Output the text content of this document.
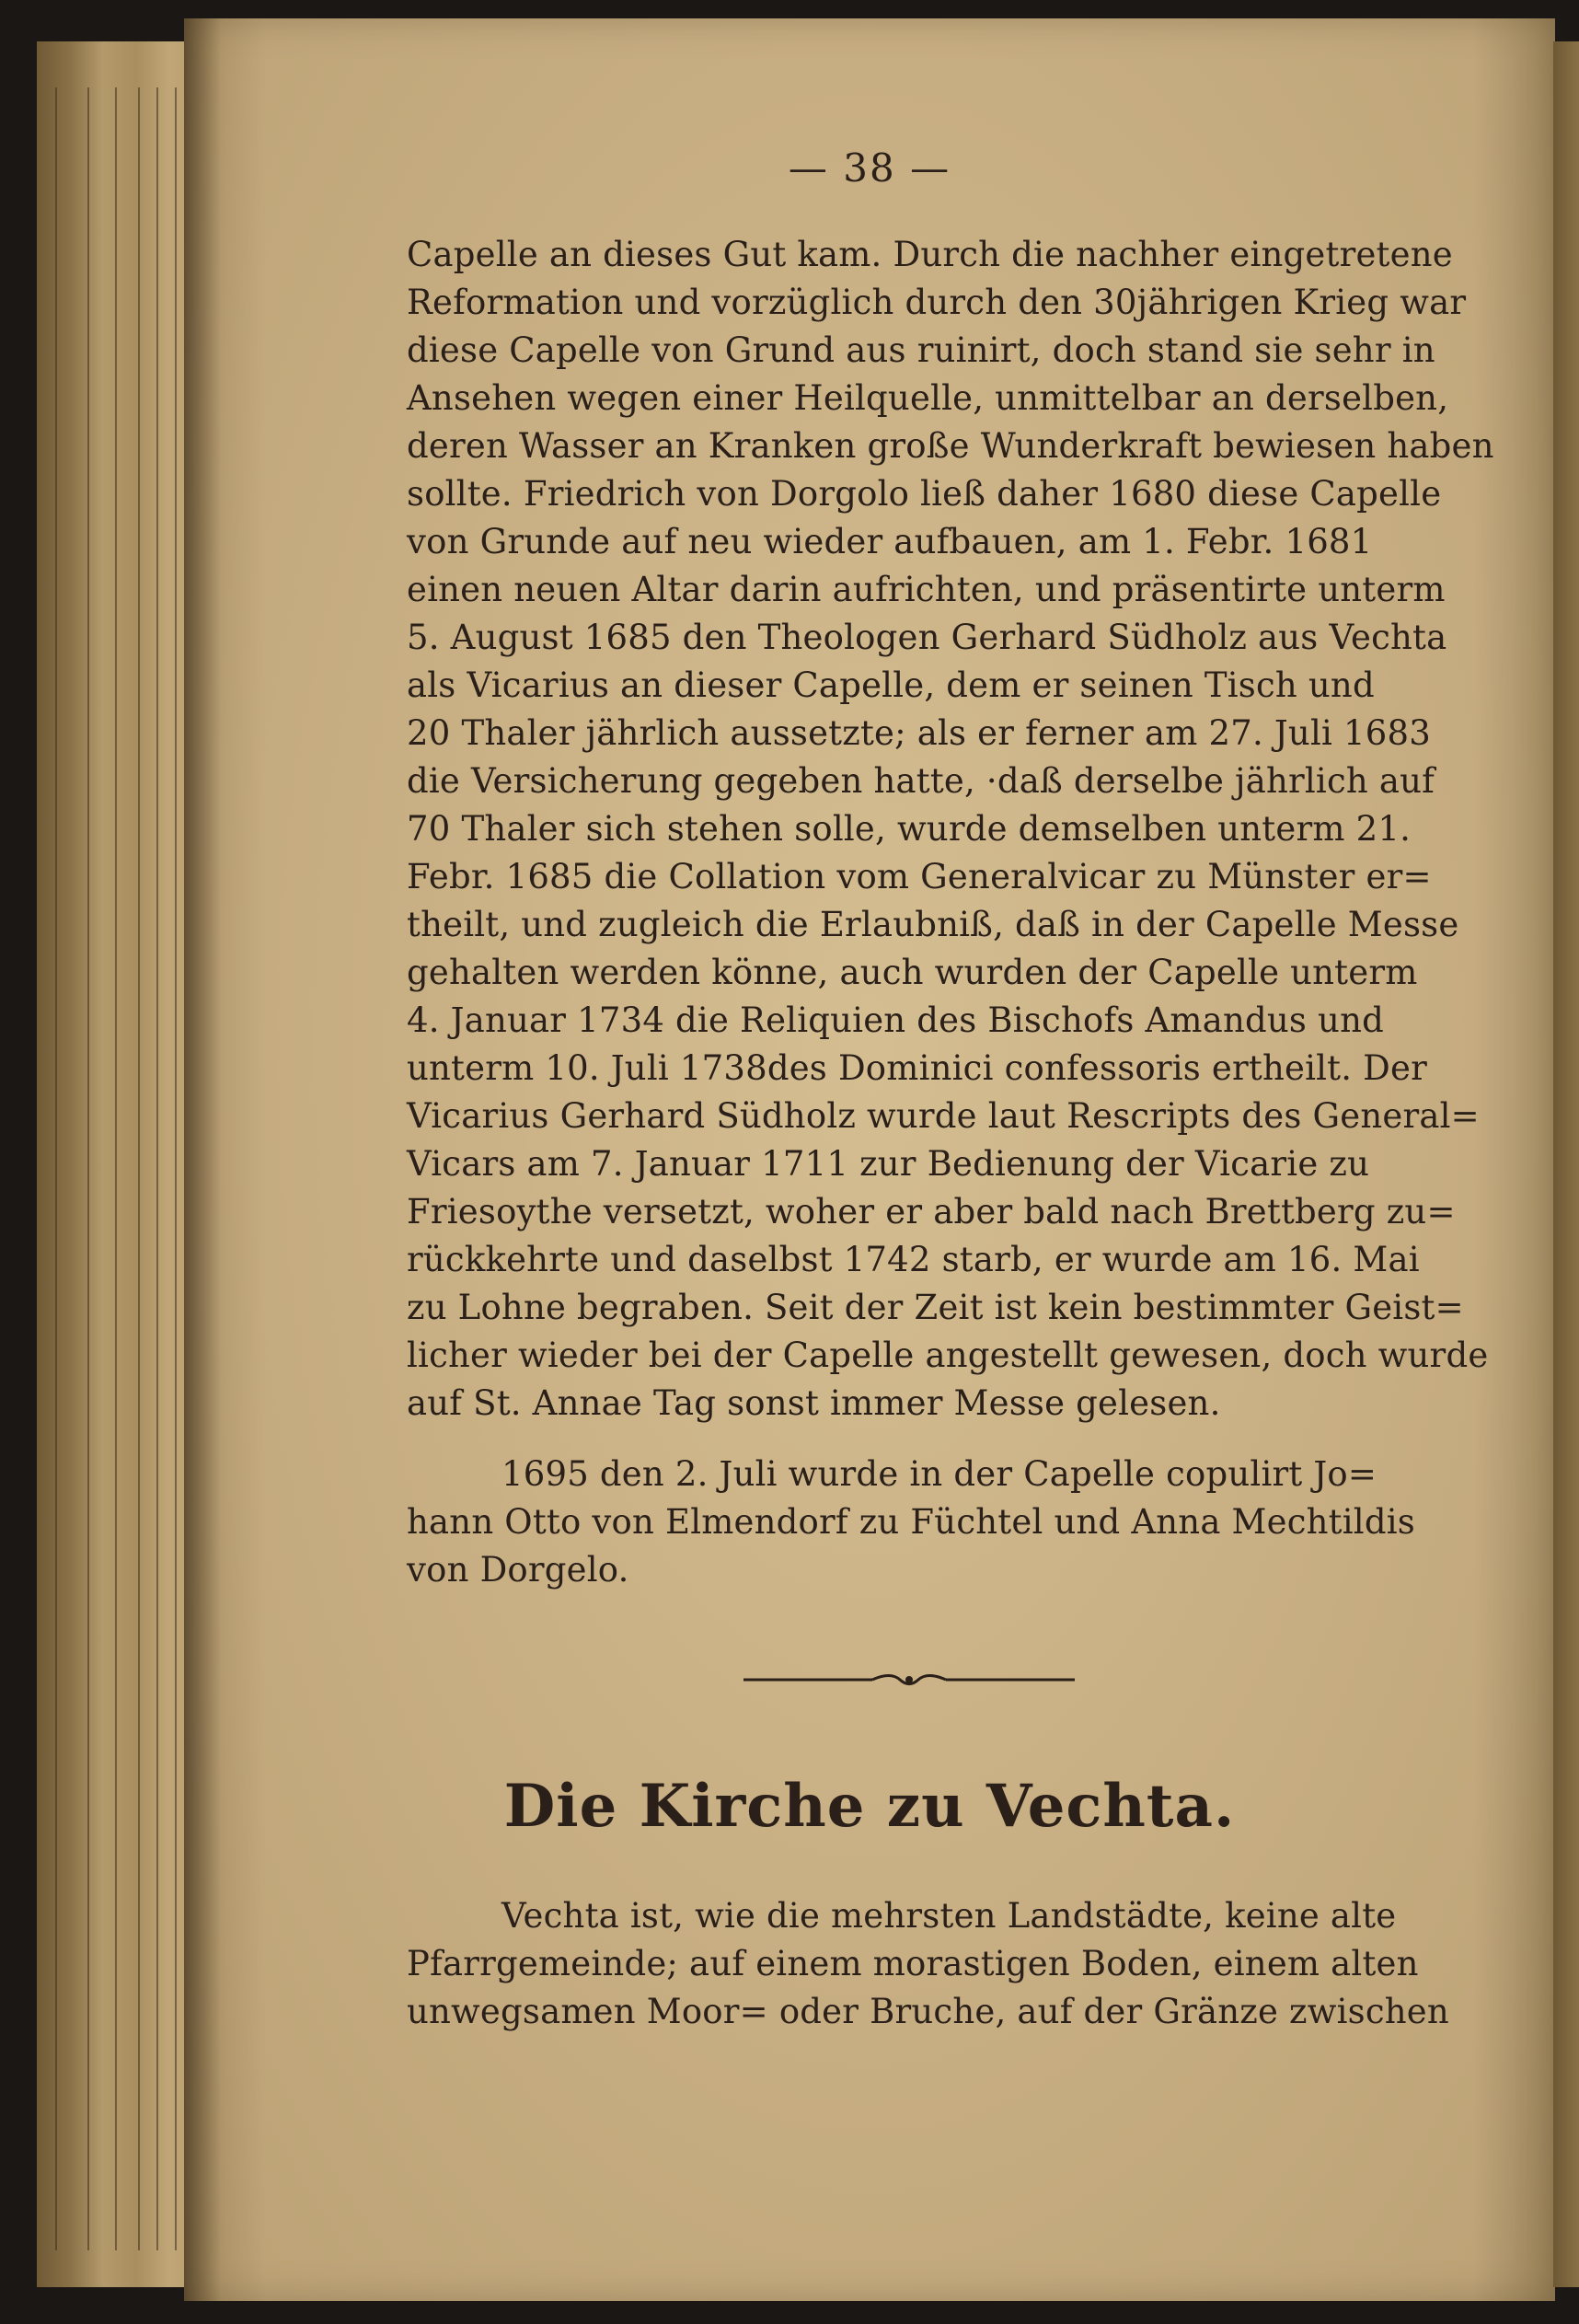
— 38 —
Capelle an dieses Gut kam. Durch die nachher eingetretene
Reformation und vorzüglich durch den 30jährigen Krieg war
diese Capelle von Grund aus ruinirt, doch stand sie sehr in
Ansehen wegen einer Heilquelle, unmittelbar an derselben,
deren Wasser an Kranken große Wunderkraft bewiesen haben
sollte. Friedrich von Dorgolo ließ daher 1680 diese Capelle
von Grunde auf neu wieder aufbauen, am 1. Febr. 1681
einen neuen Altar darin aufrichten, und präsentirte unterm
5. August 1685 den Theologen Gerhard Südholz aus Vechta
als Vicarius an dieser Capelle, dem er seinen Tisch und
20 Thaler jährlich aussetzte; als er ferner am 27. Juli 1683
die Versicherung gegeben hatte, ·daß derselbe jährlich auf
70 Thaler sich stehen solle, wurde demselben unterm 21.
Febr. 1685 die Collation vom Generalvicar zu Münster er=
theilt, und zugleich die Erlaubniß, daß in der Capelle Messe
gehalten werden könne, auch wurden der Capelle unterm
4. Januar 1734 die Reliquien des Bischofs Amandus und
unterm 10. Juli 1738des Dominici confessoris ertheilt. Der
Vicarius Gerhard Südholz wurde laut Rescripts des General=
Vicars am 7. Januar 1711 zur Bedienung der Vicarie zu
Friesoythe versetzt, woher er aber bald nach Brettberg zu=
rückkehrte und daselbst 1742 starb, er wurde am 16. Mai
zu Lohne begraben. Seit der Zeit ist kein bestimmter Geist=
licher wieder bei der Capelle angestellt gewesen, doch wurde
auf St. Annae Tag sonst immer Messe gelesen.
1695 den 2. Juli wurde in der Capelle copulirt Jo=
hann Otto von Elmendorf zu Füchtel und Anna Mechtildis
von Dorgelo.
Die Kirche zu Vechta.
Vechta ist, wie die mehrsten Landstädte, keine alte
Pfarrgemeinde; auf einem morastigen Boden, einem alten
unwegsamen Moor= oder Bruche, auf der Gränze zwischen
